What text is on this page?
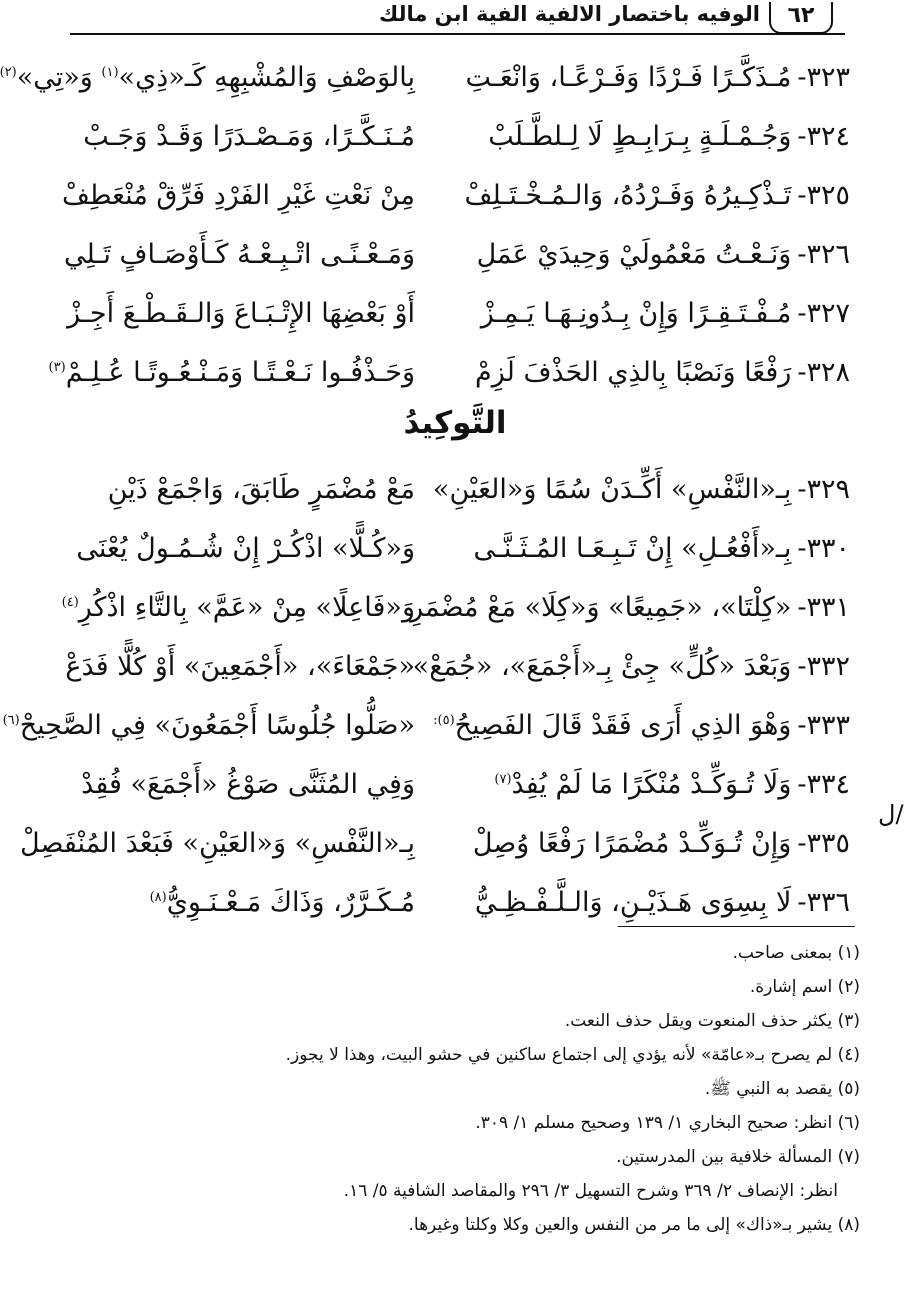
الوفيه باختصار الالفية الفية ابن مالك	٦٢
٣٢٣-مُـذَكَّـرًا فَـرْدًا وَفَـرْعًـا، وَانْعَـتِ
بِالوَصْفِ وَالمُشْبِهِهِ كَـ«ذِي»$^{(١)}$ وَ«تِي»$^{(٢)}$
٣٢٤-وَجُـمْـلَـةٍ بِـرَابِـطٍ لَا لِـلطَّـلَبْ
مُـنَـكَّـرًا، وَمَـصْـدَرًا وَقَـدْ وَجَـبْ
٣٢٥-تَـذْكِـيرُهُ وَفَـرْدُهُ، وَالـمُـخْـتَـلِفْ
مِنْ نَعْتِ غَيْرِ الفَرْدِ فَرِّقْ مُنْعَطِفْ
٣٢٦-وَنَـعْـتُ مَعْمُولَيْ وَحِيدَيْ عَمَلِ
وَمَـعْـنًـى اتْـبِـعْـهُ كَـأَوْصَـافٍ تَـلِي
٣٢٧-مُـفْـتَـقِـرًا وَإِنْ بِـدُونِـهَـا يَـمِـزْ
أَوْ بَعْضِهَا الإِتْـبَـاعَ وَالـقَـطْـعَ أَجِـزْ
٣٢٨-رَفْعًا وَنَصْبًا بِالذِي الحَذْفَ لَزِمْ
وَحَـذْفُـوا نَـعْـتًـا وَمَـنْـعُـوتًـا عُـلِـمْ$^{(٣)}$
التَّوكِيدُ
٣٢٩-بِـ«النَّفْسِ» أَكِّـدَنْ سُمًا وَ«العَيْنِ»
مَعْ مُضْمَرٍ طَابَقَ، وَاجْمَعْ ذَيْنِ
٣٣٠-بِـ«أَفْعُـلِ» إِنْ تَـبِـعَـا المُـثَـنَّـى
وَ«كُـلًّا» اذْكُـرْ إِنْ شُـمُـولٌ يُعْنَى
٣٣١-«كِلْتَا»، «جَمِيعًا» وَ«كِلَا» مَعْ مُضْمَرِ
وَ«فَاعِلًا» مِنْ «عَمَّ» بِالتَّاءِ اذْكُرِ$^{(٤)}$
٣٣٢-وَبَعْدَ «كُلٍّ» جِئْ بِـ«أَجْمَعَ»، «جُمَعْ»
«جَمْعَاءَ»، «أَجْمَعِينَ» أَوْ كُلًّا فَدَعْ
٣٣٣-وَهْوَ الذِي أَرَى فَقَدْ قَالَ الفَصِيحُ$^{(٥):}$
«صَلُّوا جُلُوسًا أَجْمَعُونَ» فِي الصَّحِيحْ$^{(٦)}$
٣٣٤-وَلَا تُـوَكِّـدْ مُنْكَرًا مَا لَمْ يُفِدْ$^{(٧)}$
وَفِي المُثَنَّى صَوْغُ «أَجْمَعَ» فُقِدْ
٣٣٥-وَإِنْ تُـوَكِّـدْ مُضْمَرًا رَفْعًا وُصِلْ
بِـ«النَّفْسِ» وَ«العَيْنِ» فَبَعْدَ المُنْفَصِلْ
٣٣٦-لَا بِسِوَى هَـذَيْـنِ، وَالـلَّـفْـظِـيُّ
مُـكَـرَّرٌ، وَذَاكَ مَـعْـنَـوِيُّ$^{(٨)}$
/ل
(١) بمعنى صاحب.
(٢) اسم إشارة.
(٣) يكثر حذف المنعوت ويقل حذف النعت.
(٤) لم يصرح بـ«عامّة» لأنه يؤدي إلى اجتماع ساكنين في حشو البيت، وهذا لا يجوز.
(٥) يقصد به النبي ﷺ.
(٦) انظر: صحيح البخاري ١/ ١٣٩ وصحيح مسلم ١/ ٣٠٩.
(٧) المسألة خلافية بين المدرستين.
انظر: الإنصاف ٢/ ٣٦٩ وشرح التسهيل ٣/ ٢٩٦ والمقاصد الشافية ٥/ ١٦.
(٨) يشير بـ«ذاك» إلى ما مر من النفس والعين وكلا وكلتا وغيرها.
